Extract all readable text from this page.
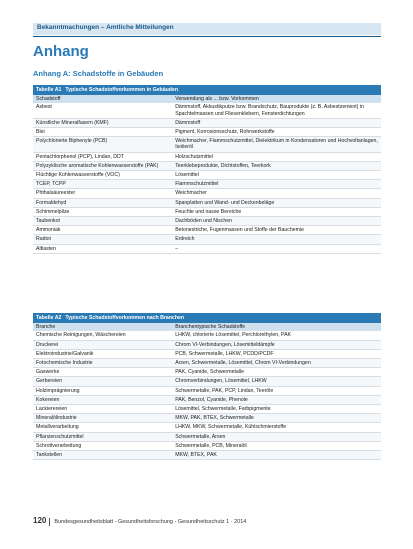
Bekanntmachungen – Amtliche Mitteilungen
Anhang
Anhang A: Schadstoffe in Gebäuden
Tabelle A1 Typische Schadstoffvorkommen in Gebäuden	
Schadstoff	Verwendung als ... bzw. Vorkommen
Asbest	Dämmstoff, Akkustikputze bzw. Brandschutz, Bauprodukte (z. B. Asbestzement) in Spachtelmassen und Fliesenklebern, Fensterdichtungen
Künstliche Mineralfasern (KMF)	Dämmstoff
Blei	Pigment, Korrosionsschutz, Rohrwerkstoffe
Polychlorierte Biphenyle (PCB)	Weichmacher, Flammschutzmittel, Dielektrikum in Kondensatoren und Hochvoltanlagen, Isolieröl
Pentachlorphenol (PCP), Lindan, DDT	Holzschutzmittel
Polyzyklische aromatische Kohlenwasserstoffe (PAK)	Teerklebeprodukte, Dichtstoffen, Teerkork
Flüchtige Kohlenwasserstoffe (VOC)	Lösemittel
TCEP, TCPP	Flammschutzmittel
Phthalsäureester	Weichmacher
Formaldehyd	Spanplatten und Wand- und Deckenbeläge
Schimmelpilze	Feuchte und nasse Bereiche
Taubenkot	Dachböden und Nischen
Ammoniak	Betonestriche, Fugenmassen und Stoffe der Bauchemie
Radon	Erdreich
Altlasten	–
Tabelle A2 Typische Schadstoffvorkommen nach Branchen	
Branche	Branchentypische Schadstoffe
Chemische Reinigungen, Wäschereien	LHKW, chlorierte Lösemittel, Perchlorethylen, PAK
Druckerei	Chrom VI-Verbindungen, Lösemitteldämpfe
Elektroindustrie/Galvanik	PCB, Schwermetalle, LHKW, PCDD/PCDF
Fotochemische Industrie	Arsen, Schwermetalle, Lösemittel, Chrom VI-Verbindungen
Gaswerke	PAK, Cyanide, Schwermetalle
Gerbereien	Chromverbindungen, Lösemittel, LHKW
Holzimprägnierung	Schwermetalle, PAK, PCP, Lindan, Teeröle
Kokereien	PAK, Benzol, Cyanide, Phenole
Lackierereien	Lösemittel, Schwermetalle, Farbpigmente
Mineralölindustrie	MKW, PAK, BTEX, Schwermetalle
Metallverarbeitung	LHKW, MKW, Schwermetalle, Kühlschmierstoffe
Pflanzenschutzmittel	Schwermetalle, Arsen
Schrottverarbeitung	Schwermetalle, PCB, Mineralöl
Tankstellen	MKW, BTEX, PAK
120 Bundesgesundheitsblatt - Gesundheitsforschung - Gesundheitsschutz 1 · 2014
